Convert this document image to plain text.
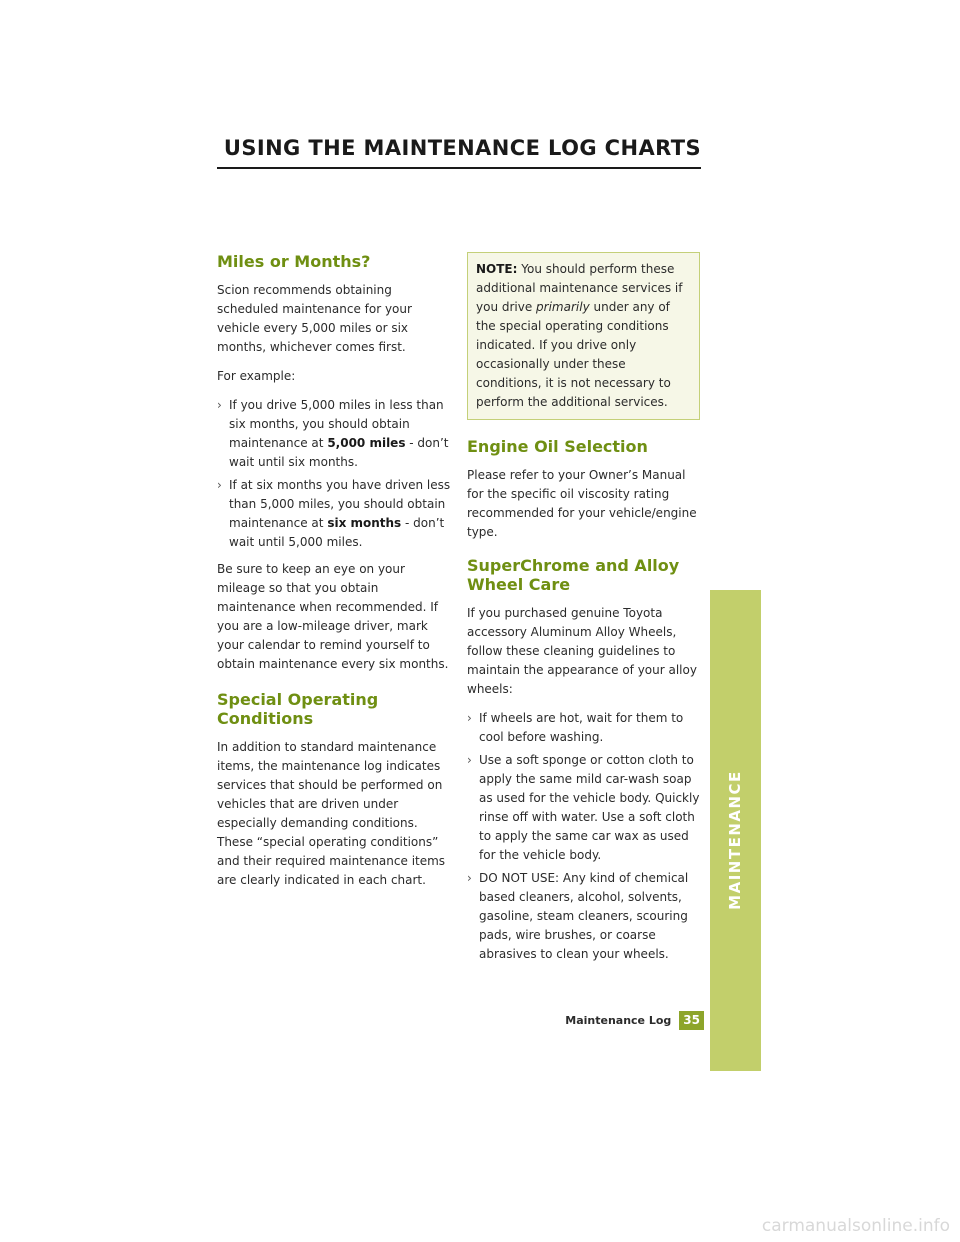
USING THE MAINTENANCE LOG CHARTS
Miles or Months?

Scion recommends obtaining scheduled maintenance for your vehicle every 5,000 miles or six months, whichever comes first.

For example:

› If you drive 5,000 miles in less than six months, you should obtain maintenance at 5,000 miles - don’t wait until six months.
› If at six months you have driven less than 5,000 miles, you should obtain maintenance at six months - don’t wait until 5,000 miles.

Be sure to keep an eye on your mileage so that you obtain maintenance when recommended. If you are a low-mileage driver, mark your calendar to remind yourself to obtain maintenance every six months.

Special Operating Conditions

In addition to standard maintenance items, the maintenance log indicates services that should be performed on vehicles that are driven under especially demanding conditions. These “special operating conditions” and their required maintenance items are clearly indicated in each chart.

NOTE: You should perform these additional maintenance services if you drive primarily under any of the special operating conditions indicated. If you drive only occasionally under these conditions, it is not necessary to perform the additional services.

Engine Oil Selection

Please refer to your Owner’s Manual for the specific oil viscosity rating recommended for your vehicle/engine type.

SuperChrome and Alloy Wheel Care

If you purchased genuine Toyota accessory Aluminum Alloy Wheels, follow these cleaning guidelines to maintain the appearance of your alloy wheels:

› If wheels are hot, wait for them to cool before washing.
› Use a soft sponge or cotton cloth to apply the same mild car-wash soap as used for the vehicle body. Quickly rinse off with water. Use a soft cloth to apply the same car wax as used for the vehicle body.
› DO NOT USE: Any kind of chemical based cleaners, alcohol, solvents, gasoline, steam cleaners, scouring pads, wire brushes, or coarse abrasives to clean your wheels.
MAINTENANCE
Maintenance Log	35
carmanualsonline.info
